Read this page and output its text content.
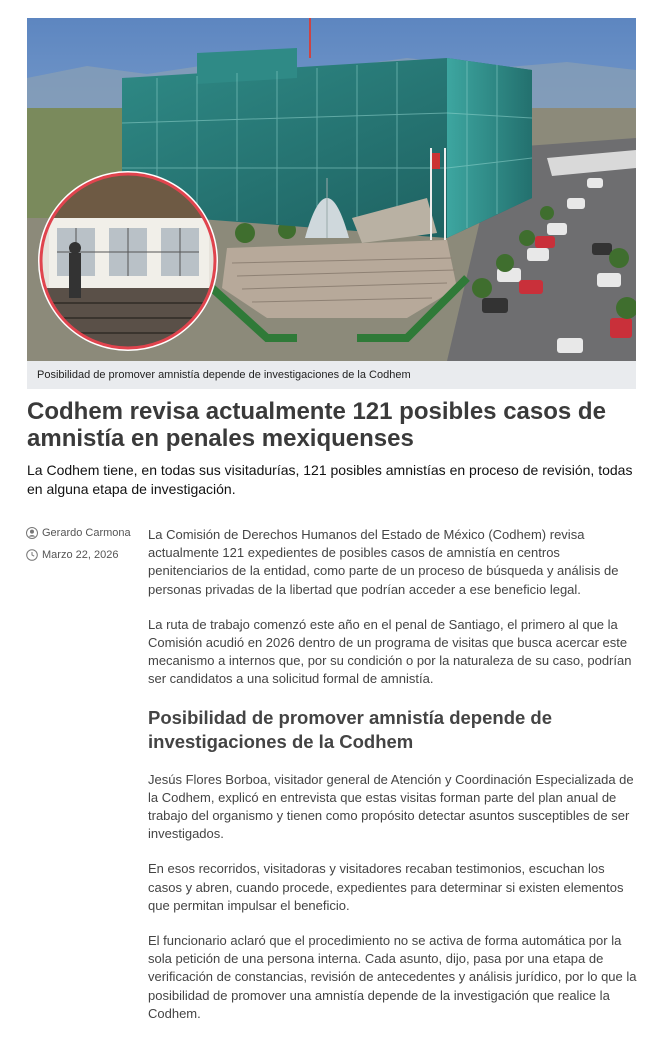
Posibilidad de promover amnistía depende de investigaciones de la Codhem
Codhem revisa actualmente 121 posibles casos de amnistía en penales mexiquenses

La Codhem tiene, en todas sus visitadurías, 121 posibles amnistías en proceso de revisión, todas en alguna etapa de investigación.

Gerardo Carmona
Marzo 22, 2026

La Comisión de Derechos Humanos del Estado de México (Codhem) revisa actualmente 121 expedientes de posibles casos de amnistía en centros penitenciarios de la entidad, como parte de un proceso de búsqueda y análisis de personas privadas de la libertad que podrían acceder a ese beneficio legal.

La ruta de trabajo comenzó este año en el penal de Santiago, el primero al que la Comisión acudió en 2026 dentro de un programa de visitas que busca acercar este mecanismo a internos que, por su condición o por la naturaleza de su caso, podrían ser candidatos a una solicitud formal de amnistía.

Posibilidad de promover amnistía depende de investigaciones de la Codhem

Jesús Flores Borboa, visitador general de Atención y Coordinación Especializada de la Codhem, explicó en entrevista que estas visitas forman parte del plan anual de trabajo del organismo y tienen como propósito detectar asuntos susceptibles de ser investigados.

En esos recorridos, visitadoras y visitadores recaban testimonios, escuchan los casos y abren, cuando procede, expedientes para determinar si existen elementos que permitan impulsar el beneficio.

El funcionario aclaró que el procedimiento no se activa de forma automática por la sola petición de una persona interna. Cada asunto, dijo, pasa por una etapa de verificación de constancias, revisión de antecedentes y análisis jurídico, por lo que la posibilidad de promover una amnistía depende de la investigación que realice la Codhem.
